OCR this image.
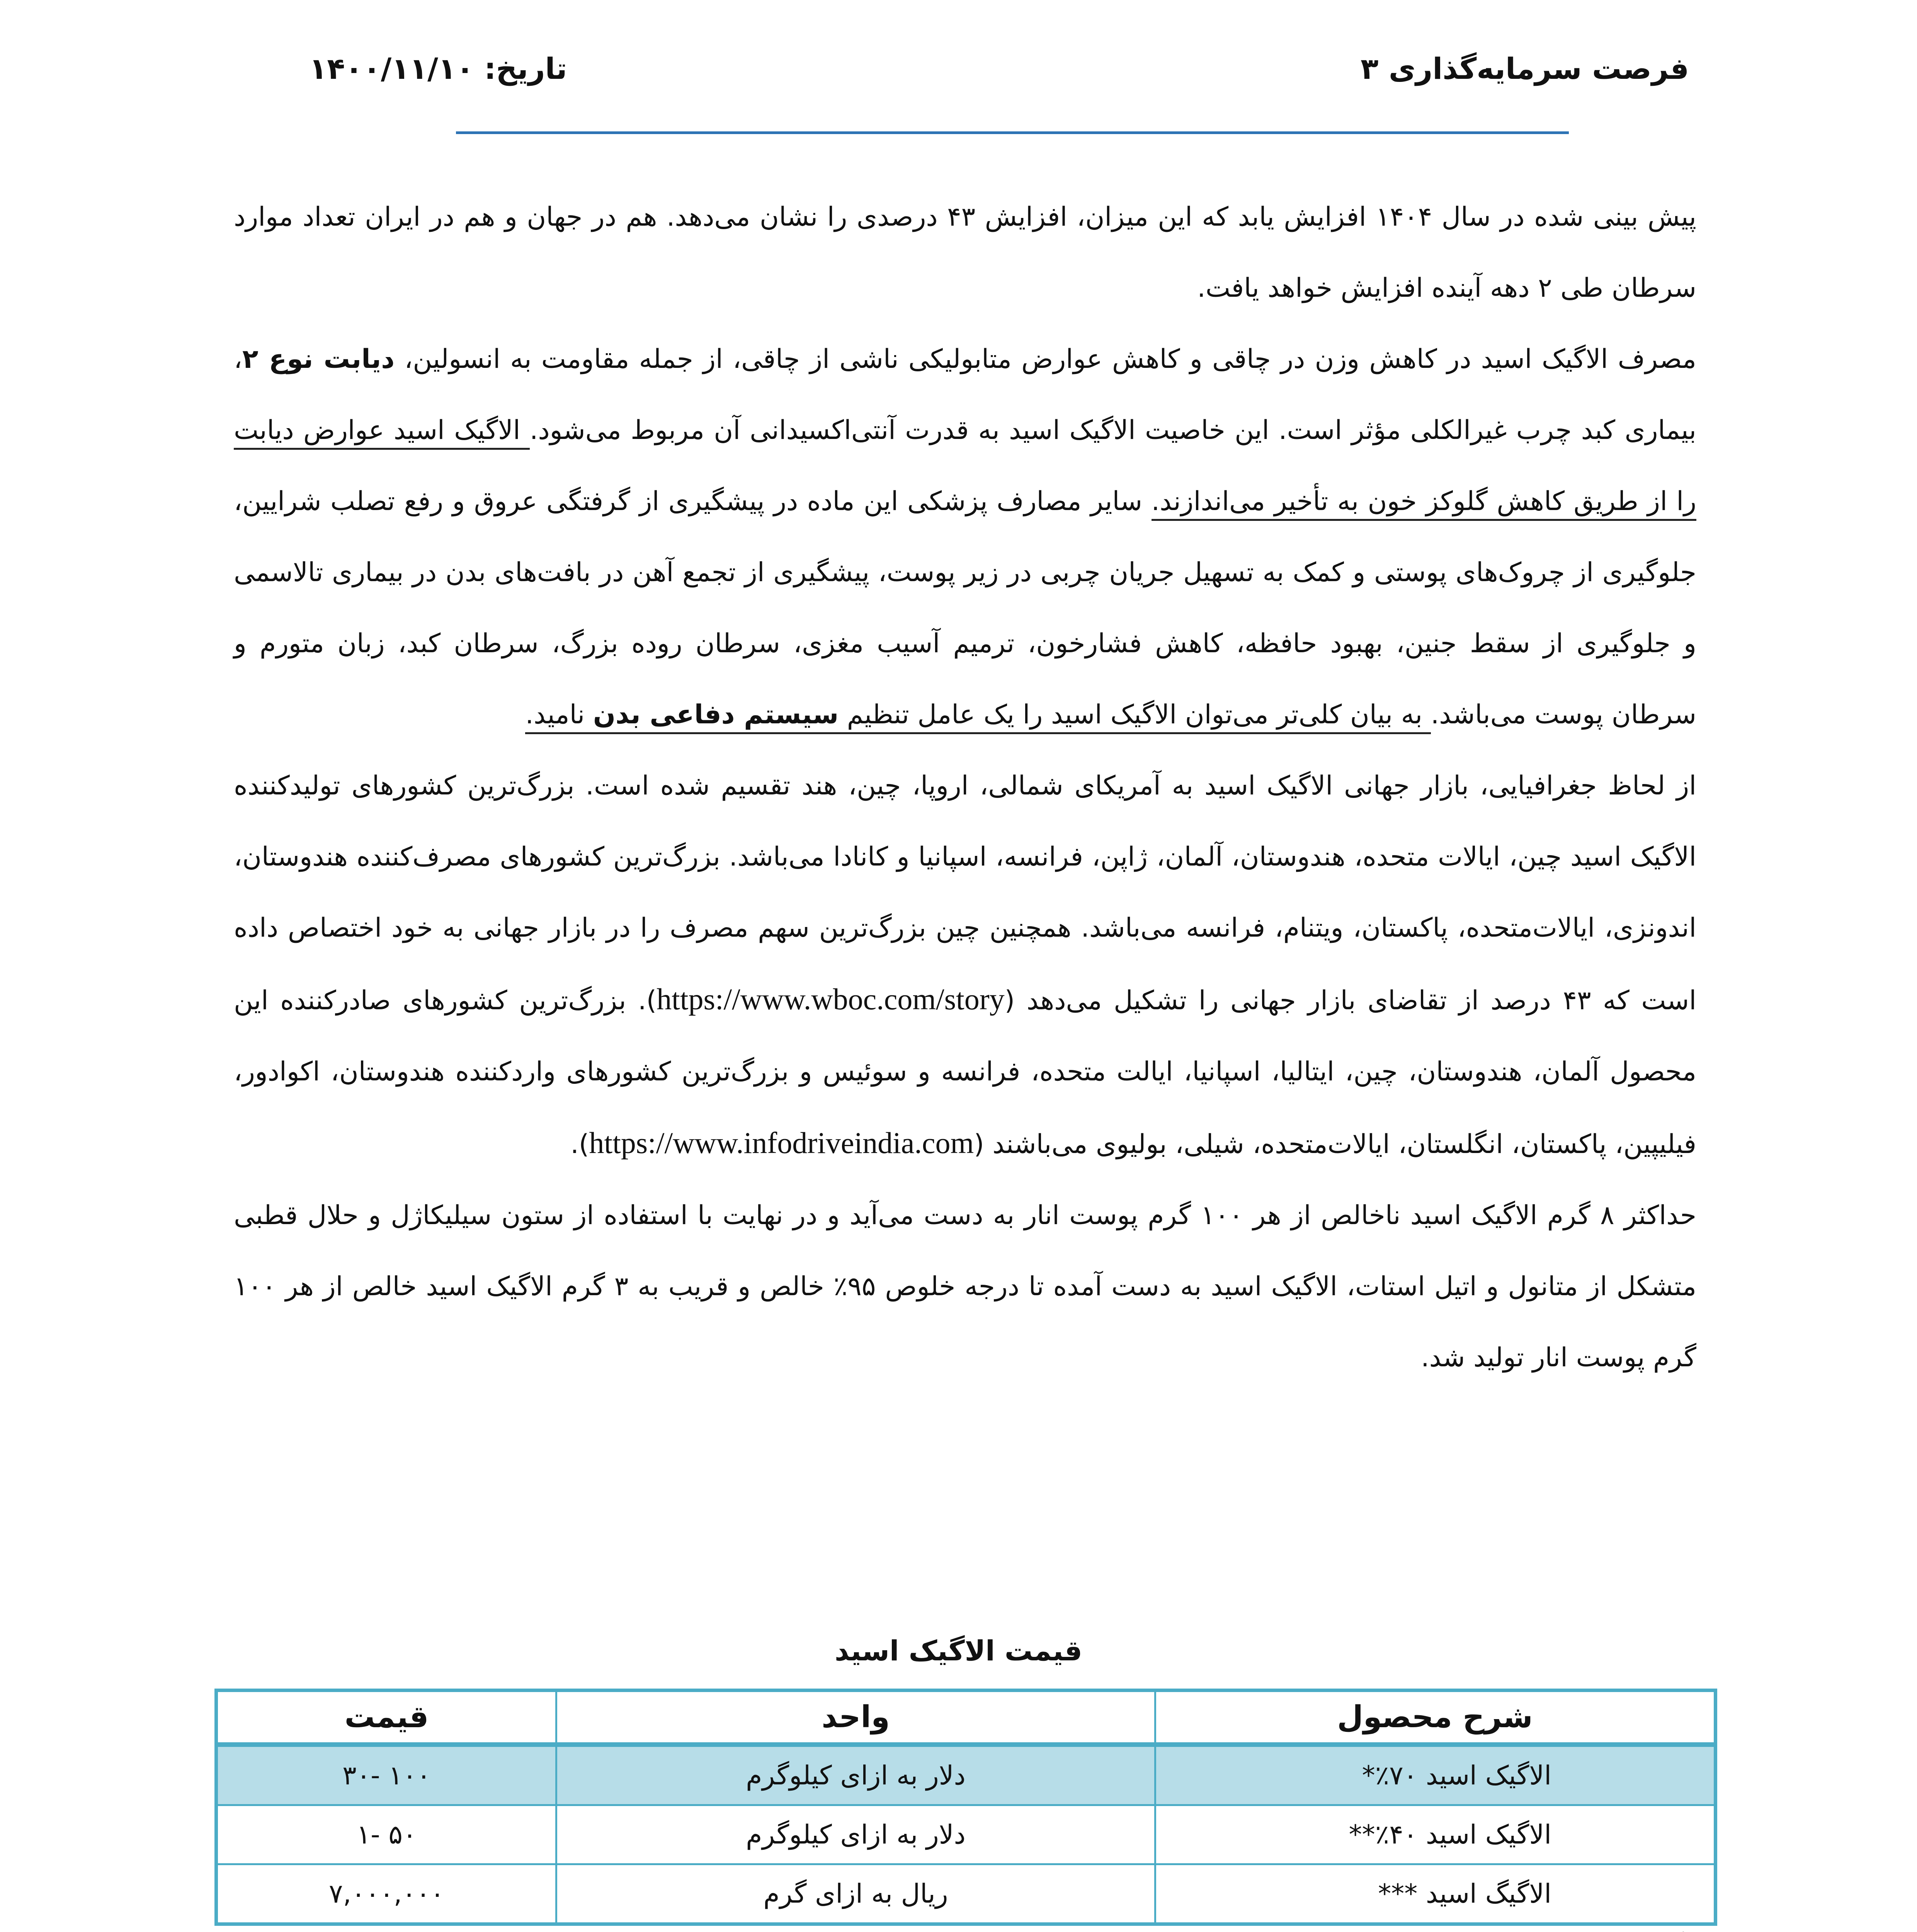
فرصت سرمایه‌گذاری ۳
تاریخ: ۱۴۰۰/۱۱/۱۰

پیش بینی شده در سال ۱۴۰۴ افزایش یابد که این میزان، افزایش ۴۳ درصدی را نشان می‌دهد. هم در جهان و هم در ایران تعداد موارد سرطان طی ۲ دهه آینده افزایش خواهد یافت.

مصرف الاگیک اسید در کاهش وزن در چاقی و کاهش عوارض متابولیکی ناشی از چاقی، از جمله مقاومت به انسولین، دیابت نوع ۲، بیماری کبد چرب غیرالکلی مؤثر است. این خاصیت الاگیک اسید به قدرت آنتی‌اکسیدانی آن مربوط می‌شود. الاگیک اسید عوارض دیابت را از طریق کاهش گلوکز خون به تأخیر می‌اندازند. سایر مصارف پزشکی این ماده در پیشگیری از گرفتگی عروق و رفع تصلب شرایین، جلوگیری از چروک‌های پوستی و کمک به تسهیل جریان چربی در زیر پوست، پیشگیری از تجمع آهن در بافت‌های بدن در بیماری تالاسمی و جلوگیری از سقط جنین، بهبود حافظه، کاهش فشارخون، ترمیم آسیب مغزی، سرطان روده بزرگ، سرطان کبد، زبان متورم و سرطان پوست می‌باشد. به بیان کلی‌تر می‌توان الاگیک اسید را یک عامل تنظیم سیستم دفاعی بدن نامید.

از لحاظ جغرافیایی، بازار جهانی الاگیک اسید به آمریکای شمالی، اروپا، چین، هند تقسیم شده است. بزرگ‌ترین کشورهای تولیدکننده الاگیک اسید چین، ایالات متحده، هندوستان، آلمان، ژاپن، فرانسه، اسپانیا و کانادا می‌باشد. بزرگ‌ترین کشورهای مصرف‌کننده هندوستان، اندونزی، ایالات‌متحده، پاکستان، ویتنام، فرانسه می‌باشد. همچنین چین بزرگ‌ترین سهم مصرف را در بازار جهانی به خود اختصاص داده است که ۴۳ درصد از تقاضای بازار جهانی را تشکیل می‌دهد (https://www.wboc.com/story). بزرگ‌ترین کشورهای صادرکننده این محصول آلمان، هندوستان، چین، ایتالیا، اسپانیا، ایالت متحده، فرانسه و سوئیس و بزرگ‌ترین کشورهای واردکننده هندوستان، اکوادور، فیلیپین، پاکستان، انگلستان، ایالات‌متحده، شیلی، بولیوی می‌باشند (https://www.infodriveindia.com).

حداکثر ۸ گرم الاگیک اسید ناخالص از هر ۱۰۰ گرم پوست انار به دست می‌آید و در نهایت با استفاده از ستون سیلیکاژل و حلال قطبی متشکل از متانول و اتیل استات، الاگیک اسید به دست آمده تا درجه خلوص ۹۵٪ خالص و قریب به ۳ گرم الاگیک اسید خالص از هر ۱۰۰ گرم پوست انار تولید شد.

قیمت الاگیک اسید
شرح محصول	واحد	قیمت
الاگیک اسید ۷۰٪*	دلار به ازای کیلوگرم	۱۰۰ -۳۰
الاگیک اسید ۴۰٪**	دلار به ازای کیلوگرم	۵۰ -۱
الاگیگ اسید ***	ریال به ازای گرم	۷,۰۰۰,۰۰۰
